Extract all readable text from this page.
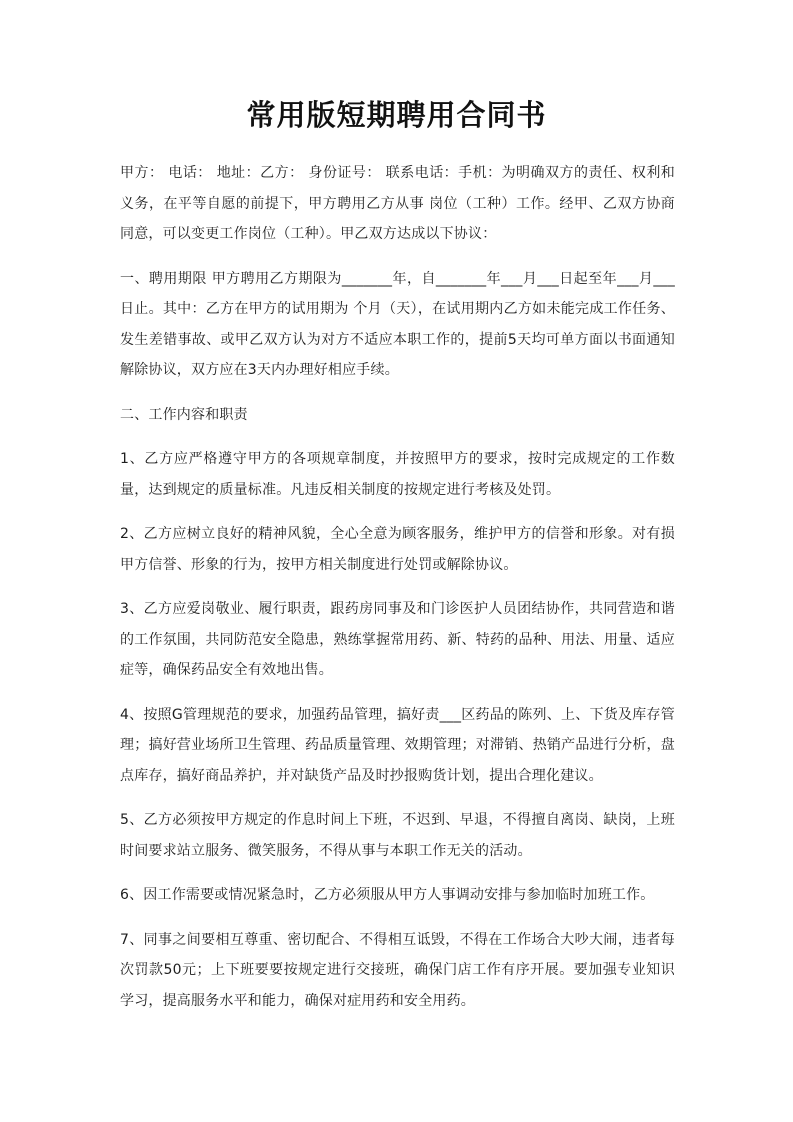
常用版短期聘用合同书

甲方： 电话： 地址：乙方： 身份证号： 联系电话：手机：为明确双方的责任、权利和义务，在平等自愿的前提下，甲方聘用乙方从事 岗位（工种）工作。经甲、乙双方协商同意，可以变更工作岗位（工种）。甲乙双方达成以下协议：

一、聘用期限 甲方聘用乙方期限为_______年，自_______年___月___日起至年___月___日止。其中：乙方在甲方的试用期为 个月（天），在试用期内乙方如未能完成工作任务、发生差错事故、或甲乙双方认为对方不适应本职工作的，提前5天均可单方面以书面通知解除协议，双方应在3天内办理好相应手续。

二、工作内容和职责

1、乙方应严格遵守甲方的各项规章制度，并按照甲方的要求，按时完成规定的工作数量，达到规定的质量标准。凡违反相关制度的按规定进行考核及处罚。

2、乙方应树立良好的精神风貌，全心全意为顾客服务，维护甲方的信誉和形象。对有损甲方信誉、形象的行为，按甲方相关制度进行处罚或解除协议。

3、乙方应爱岗敬业、履行职责，跟药房同事及和门诊医护人员团结协作，共同营造和谐的工作氛围，共同防范安全隐患，熟练掌握常用药、新、特药的品种、用法、用量、适应症等，确保药品安全有效地出售。

4、按照G管理规范的要求，加强药品管理，搞好责___区药品的陈列、上、下货及库存管理；搞好营业场所卫生管理、药品质量管理、效期管理；对滞销、热销产品进行分析，盘点库存，搞好商品养护，并对缺货产品及时抄报购货计划，提出合理化建议。

5、乙方必须按甲方规定的作息时间上下班，不迟到、早退，不得擅自离岗、缺岗，上班时间要求站立服务、微笑服务，不得从事与本职工作无关的活动。

6、因工作需要或情况紧急时，乙方必须服从甲方人事调动安排与参加临时加班工作。

7、同事之间要相互尊重、密切配合、不得相互诋毁，不得在工作场合大吵大闹，违者每次罚款50元；上下班要要按规定进行交接班，确保门店工作有序开展。要加强专业知识学习，提高服务水平和能力，确保对症用药和安全用药。
